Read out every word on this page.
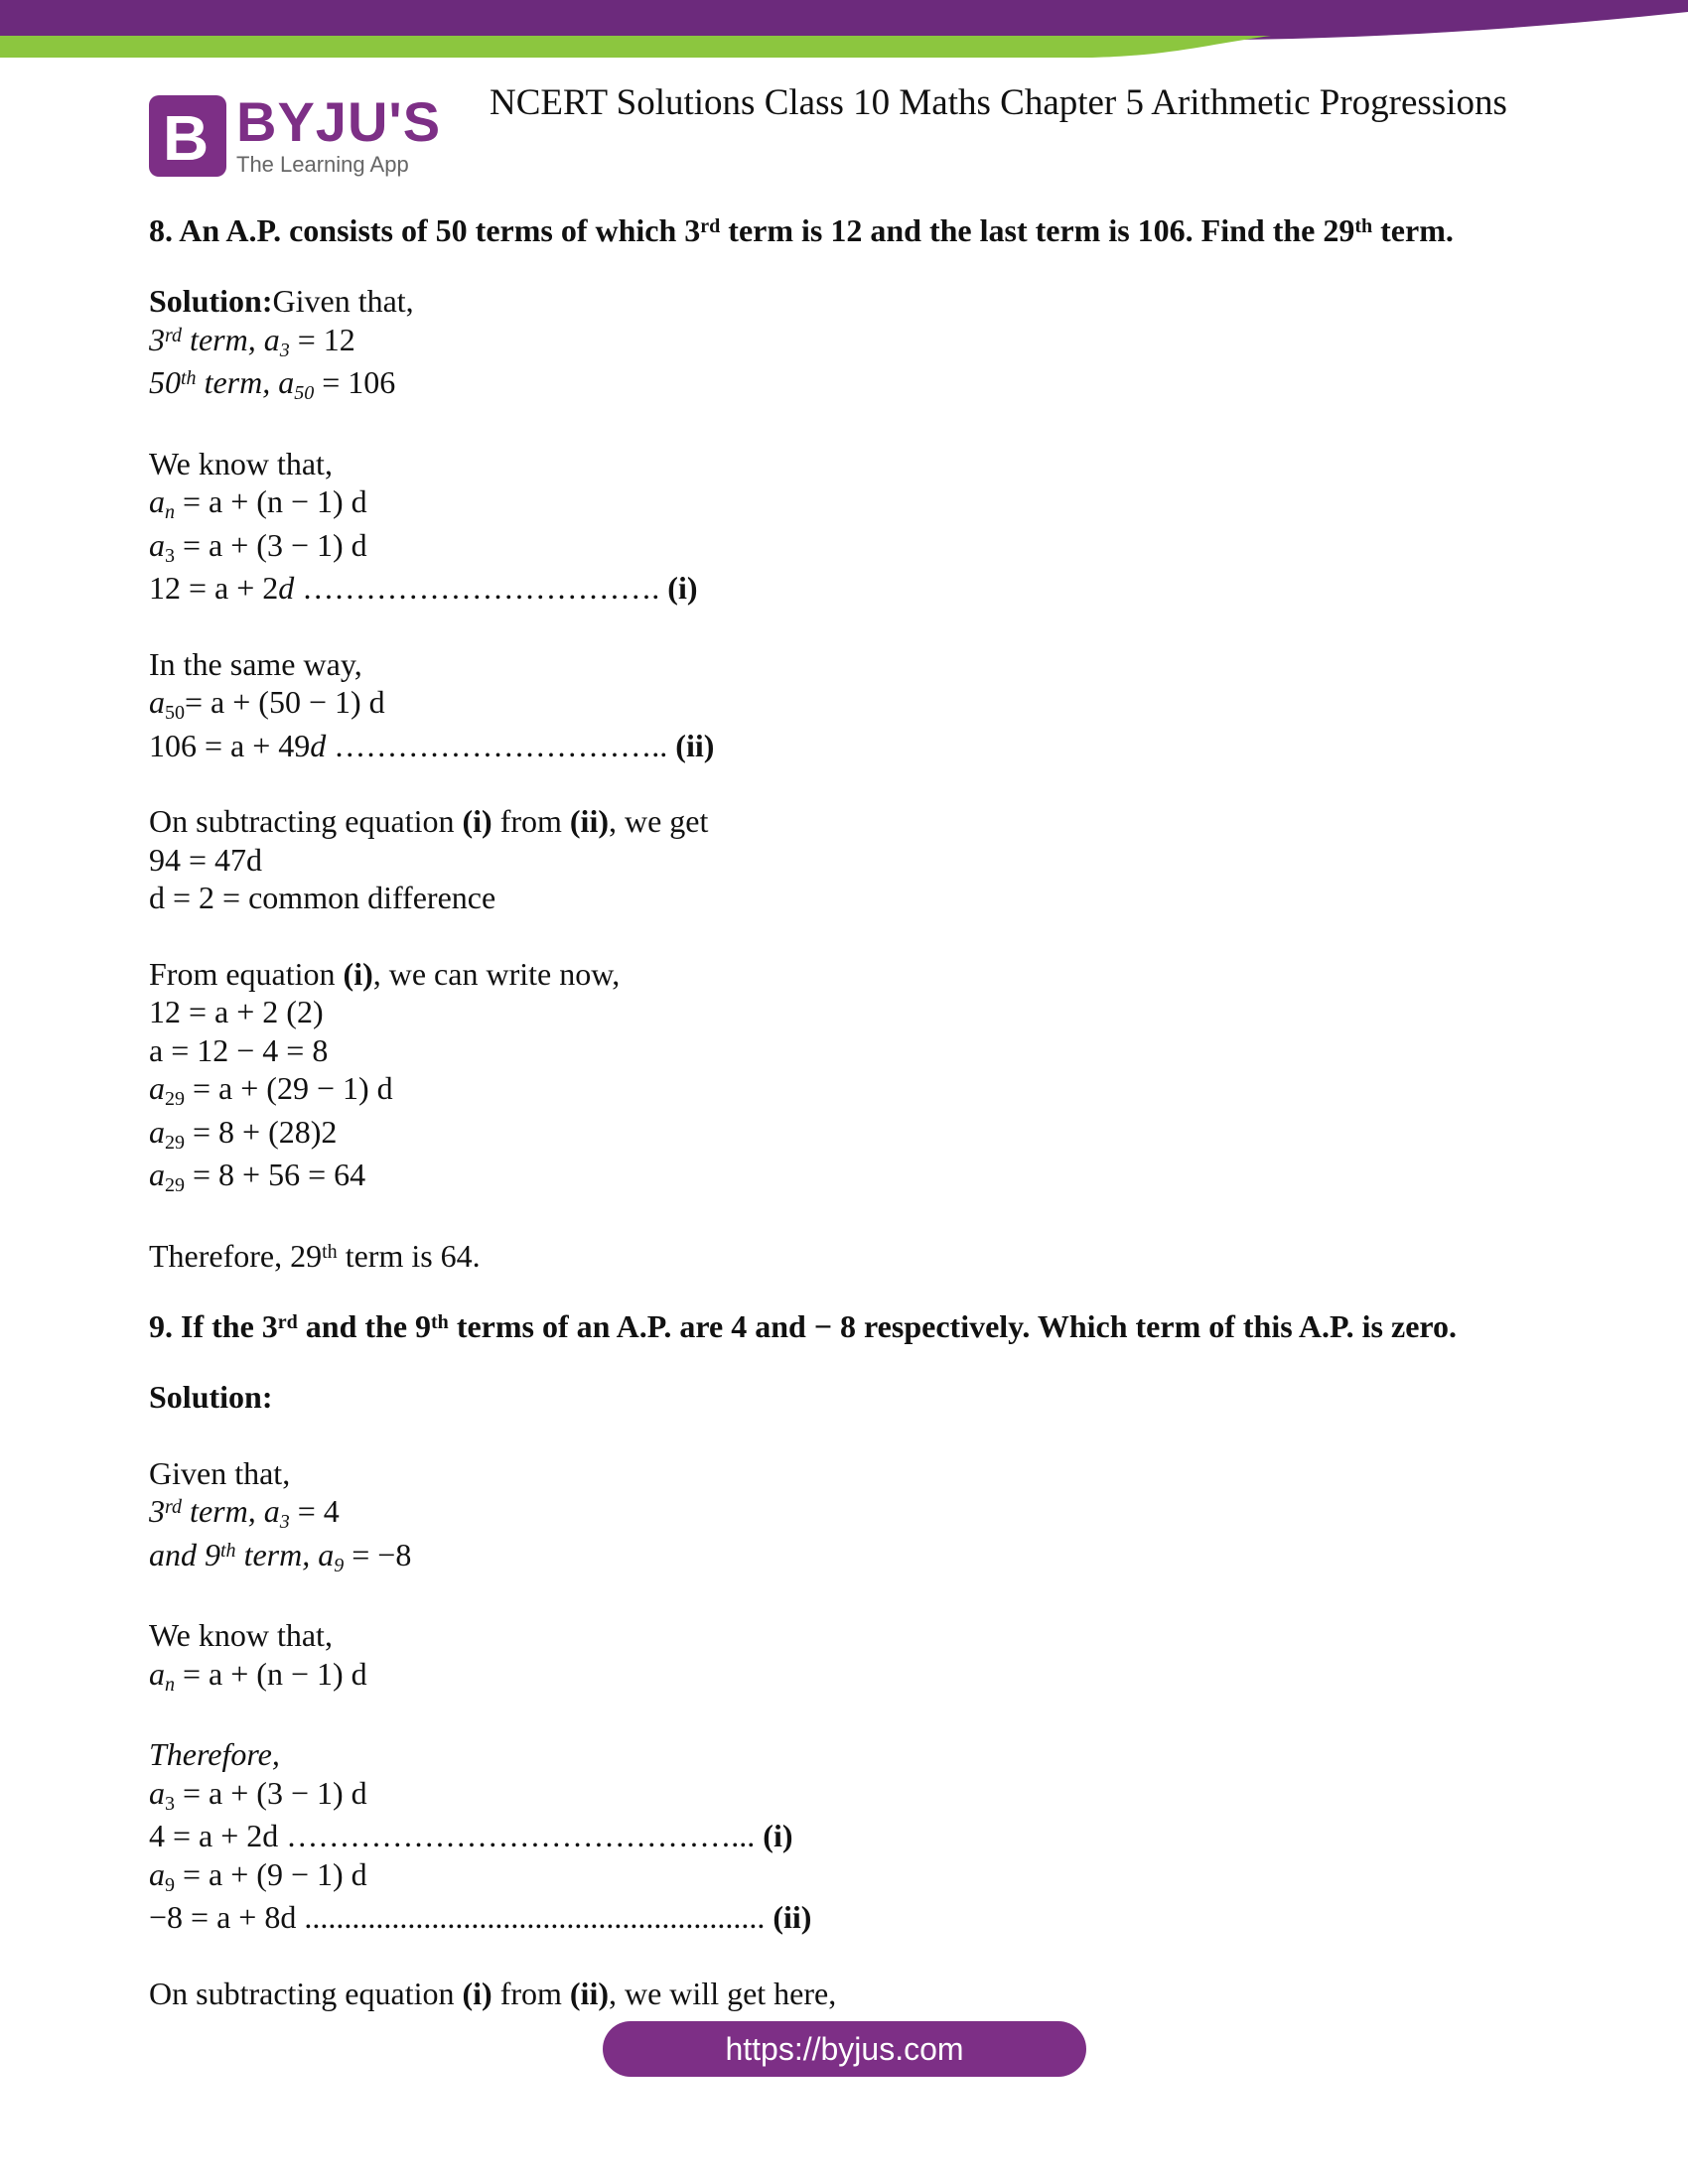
B BYJU'S
The Learning App
NCERT Solutions Class 10 Maths Chapter 5 Arithmetic Progressions

8. An A.P. consists of 50 terms of which 3rd term is 12 and the last term is 106. Find the 29th term.

Solution:Given that,

3rd term, $a_3 = 12$

50th term, $a_{50} = 106$

We know that,

$a_n = a + (n - 1)$ d

$a_3 = a + (3 - 1)$ d

12 = a + 2d ……………………………. (i)

In the same way,

$a_{50}= a + (50 - 1)$ d

106 = a + 49d ………………………….. (ii)

On subtracting equation (i) from (ii), we get

94 = 47d

d = 2 = common difference

From equation (i), we can write now,

12 = a + 2 (2)

a = 12 − 4 = 8

$a_{29} = a + (29 - 1)$ d

$a_{29} = 8 + (28)2$

$a_{29} = 8 + 56 = 64$

Therefore, 29th term is 64.

9. If the 3rd and the 9th terms of an A.P. are 4 and − 8 respectively. Which term of this A.P. is zero.

Solution:

Given that,

3rd term, $a_3 = 4$

and 9th term, $a_9 = -8$

We know that,

$a_n = a + (n - 1)$ d

Therefore,

$a_3 = a + (3 - 1)$ d

4 = a + 2d ……………………………………... (i)

$a_9 = a + (9 - 1)$ d

−8 = a + 8d .......................................................... (ii)

On subtracting equation (i) from (ii), we will get here,

https://byjus.com
